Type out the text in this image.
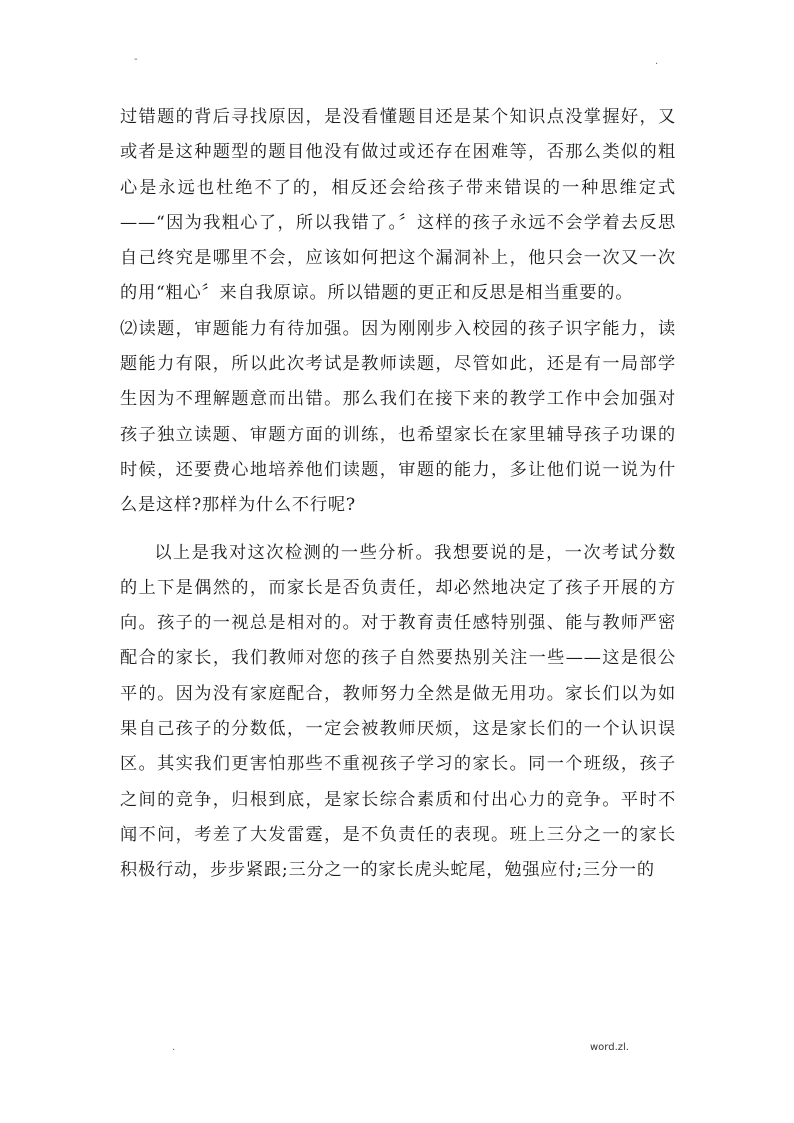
-	.

过错题的背后寻找原因，是没看懂题目还是某个知识点没掌握好，又或者是这种题型的题目他没有做过或还存在困难等，否那么类似的粗心是永远也杜绝不了的，相反还会给孩子带来错误的一种思维定式——“因为我粗心了，所以我错了。〞这样的孩子永远不会学着去反思自己终究是哪里不会，应该如何把这个漏洞补上，他只会一次又一次的用“粗心〞来自我原谅。所以错题的更正和反思是相当重要的。

⑵读题，审题能力有待加强。因为刚刚步入校园的孩子识字能力，读题能力有限，所以此次考试是教师读题，尽管如此，还是有一局部学生因为不理解题意而出错。那么我们在接下来的教学工作中会加强对孩子独立读题、审题方面的训练，也希望家长在家里辅导孩子功课的时候，还要费心地培养他们读题，审题的能力，多让他们说一说为什么是这样?那样为什么不行呢?

以上是我对这次检测的一些分析。我想要说的是，一次考试分数的上下是偶然的，而家长是否负责任，却必然地决定了孩子开展的方向。孩子的一视总是相对的。对于教育责任感特别强、能与教师严密配合的家长，我们教师对您的孩子自然要热别关注一些——这是很公平的。因为没有家庭配合，教师努力全然是做无用功。家长们以为如果自己孩子的分数低，一定会被教师厌烦，这是家长们的一个认识误区。其实我们更害怕那些不重视孩子学习的家长。同一个班级，孩子之间的竞争，归根到底，是家长综合素质和付出心力的竞争。平时不闻不问，考差了大发雷霆，是不负责任的表现。班上三分之一的家长积极行动，步步紧跟;三分之一的家长虎头蛇尾，勉强应付;三分一的

.	word.zl.
